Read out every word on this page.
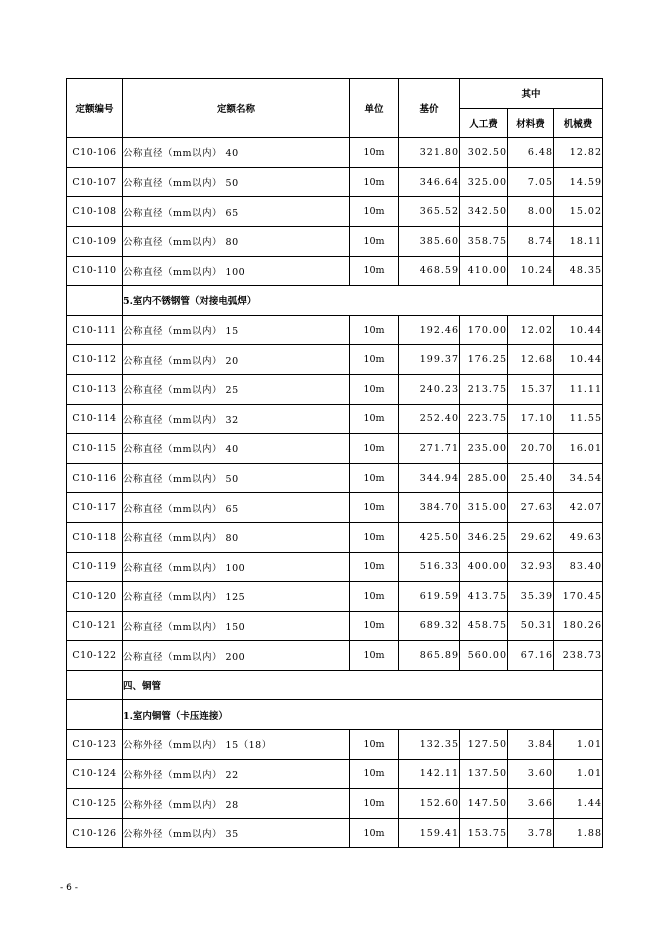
定额编号	定额名称	单位	基价	其中		
				人工费	材料费	机械费
C10-106	公称直径（mm以内） 40	10m	321.80	302.50	6.48	12.82
C10-107	公称直径（mm以内） 50	10m	346.64	325.00	7.05	14.59
C10-108	公称直径（mm以内） 65	10m	365.52	342.50	8.00	15.02
C10-109	公称直径（mm以内） 80	10m	385.60	358.75	8.74	18.11
C10-110	公称直径（mm以内） 100	10m	468.59	410.00	10.24	48.35
	5.室内不锈钢管（对接电弧焊）					
C10-111	公称直径（mm以内） 15	10m	192.46	170.00	12.02	10.44
C10-112	公称直径（mm以内） 20	10m	199.37	176.25	12.68	10.44
C10-113	公称直径（mm以内） 25	10m	240.23	213.75	15.37	11.11
C10-114	公称直径（mm以内） 32	10m	252.40	223.75	17.10	11.55
C10-115	公称直径（mm以内） 40	10m	271.71	235.00	20.70	16.01
C10-116	公称直径（mm以内） 50	10m	344.94	285.00	25.40	34.54
C10-117	公称直径（mm以内） 65	10m	384.70	315.00	27.63	42.07
C10-118	公称直径（mm以内） 80	10m	425.50	346.25	29.62	49.63
C10-119	公称直径（mm以内） 100	10m	516.33	400.00	32.93	83.40
C10-120	公称直径（mm以内） 125	10m	619.59	413.75	35.39	170.45
C10-121	公称直径（mm以内） 150	10m	689.32	458.75	50.31	180.26
C10-122	公称直径（mm以内） 200	10m	865.89	560.00	67.16	238.73
	四、铜管					
	1.室内铜管（卡压连接）					
C10-123	公称外径（mm以内） 15（18）	10m	132.35	127.50	3.84	1.01
C10-124	公称外径（mm以内） 22	10m	142.11	137.50	3.60	1.01
C10-125	公称外径（mm以内） 28	10m	152.60	147.50	3.66	1.44
C10-126	公称外径（mm以内） 35	10m	159.41	153.75	3.78	1.88
- 6 -
